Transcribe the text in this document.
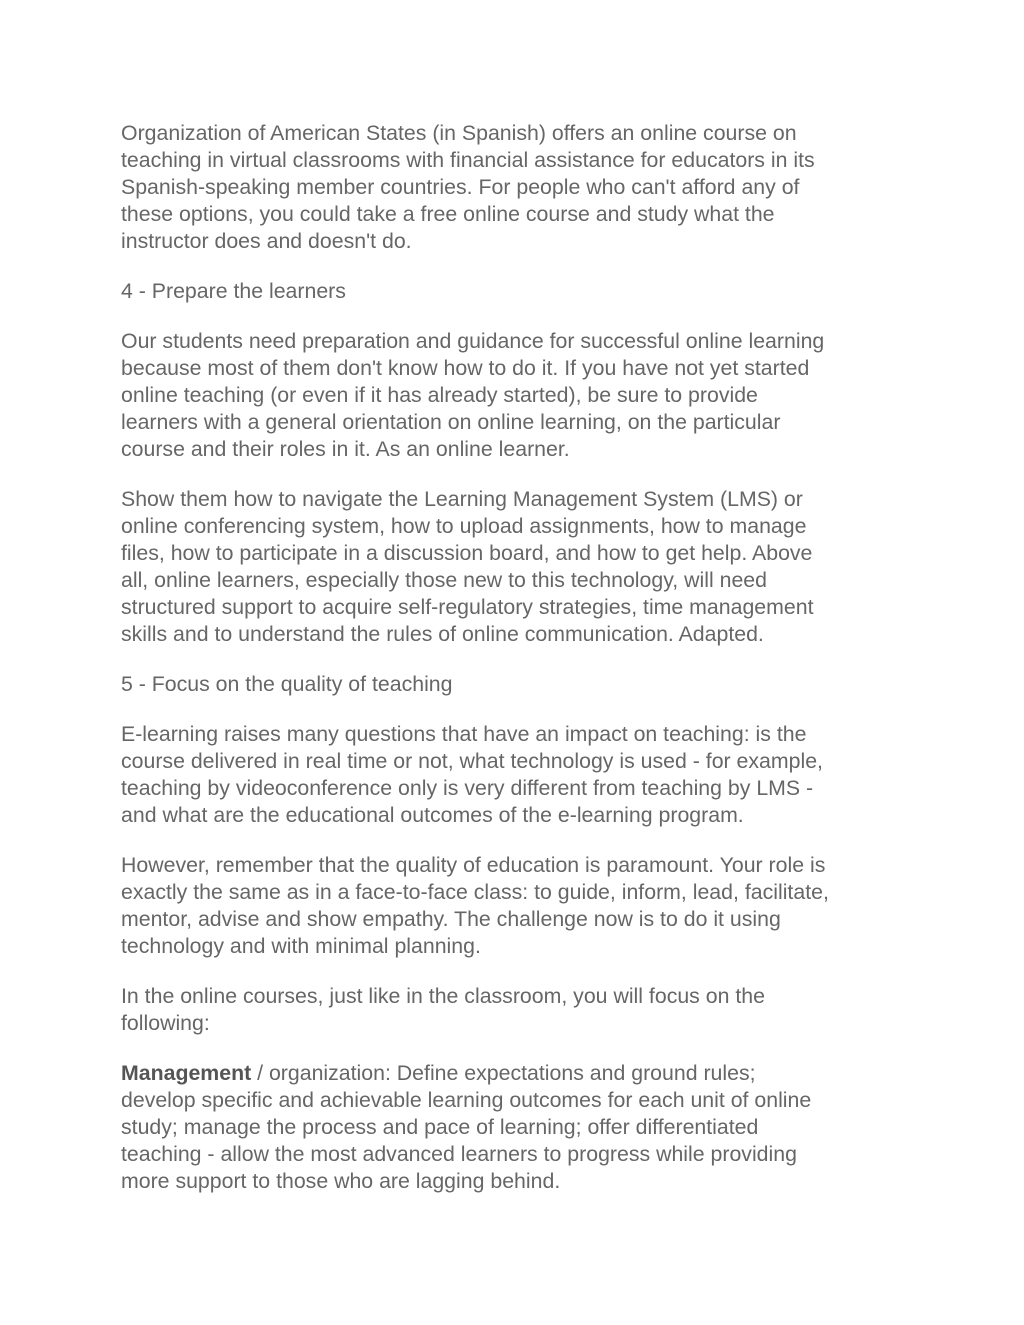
Organization of American States (in Spanish) offers an online course on
teaching in virtual classrooms with financial assistance for educators in its
Spanish-speaking member countries. For people who can't afford any of
these options, you could take a free online course and study what the
instructor does and doesn't do.

4 - Prepare the learners

Our students need preparation and guidance for successful online learning
because most of them don't know how to do it. If you have not yet started
online teaching (or even if it has already started), be sure to provide
learners with a general orientation on online learning, on the particular
course and their roles in it. As an online learner.

Show them how to navigate the Learning Management System (LMS) or
online conferencing system, how to upload assignments, how to manage
files, how to participate in a discussion board, and how to get help. Above
all, online learners, especially those new to this technology, will need
structured support to acquire self-regulatory strategies, time management
skills and to understand the rules of online communication. Adapted.

5 - Focus on the quality of teaching

E-learning raises many questions that have an impact on teaching: is the
course delivered in real time or not, what technology is used - for example,
teaching by videoconference only is very different from teaching by LMS -
and what are the educational outcomes of the e-learning program.

However, remember that the quality of education is paramount. Your role is
exactly the same as in a face-to-face class: to guide, inform, lead, facilitate,
mentor, advise and show empathy. The challenge now is to do it using
technology and with minimal planning.

In the online courses, just like in the classroom, you will focus on the
following:

Management / organization: Define expectations and ground rules;
develop specific and achievable learning outcomes for each unit of online
study; manage the process and pace of learning; offer differentiated
teaching - allow the most advanced learners to progress while providing
more support to those who are lagging behind.
